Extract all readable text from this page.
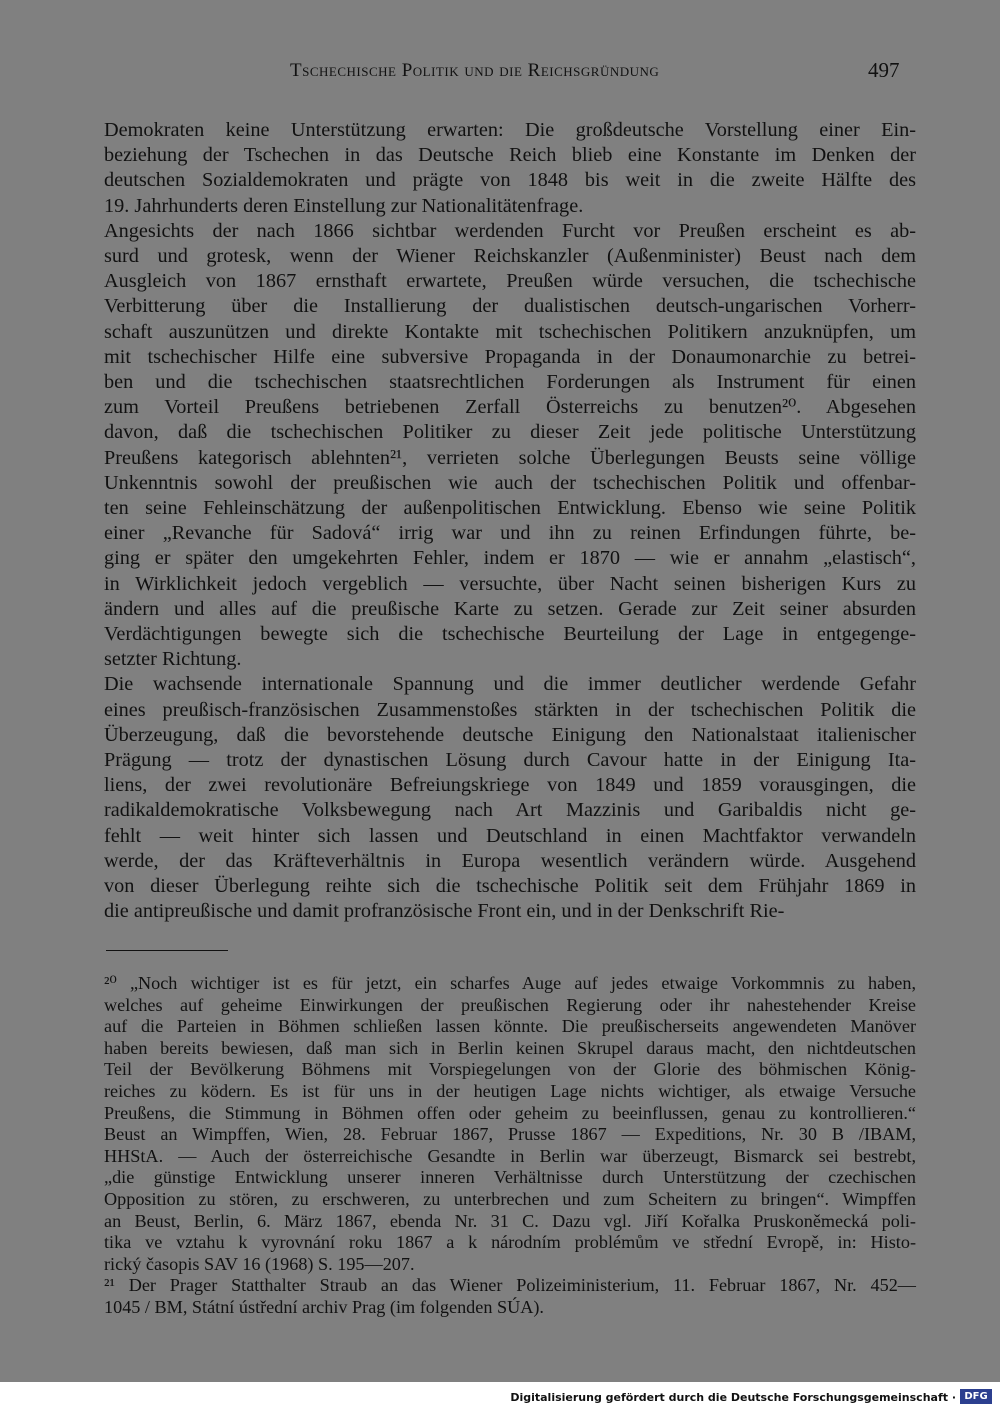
Tschechische Politik und die Reichsgründung	497
Demokraten keine Unterstützung erwarten: Die großdeutsche Vorstellung einer Ein-
beziehung der Tschechen in das Deutsche Reich blieb eine Konstante im Denken der
deutschen Sozialdemokraten und prägte von 1848 bis weit in die zweite Hälfte des
19. Jahrhunderts deren Einstellung zur Nationalitätenfrage.
Angesichts der nach 1866 sichtbar werdenden Furcht vor Preußen erscheint es ab-
surd und grotesk, wenn der Wiener Reichskanzler (Außenminister) Beust nach dem
Ausgleich von 1867 ernsthaft erwartete, Preußen würde versuchen, die tschechische
Verbitterung über die Installierung der dualistischen deutsch-ungarischen Vorherr-
schaft auszunützen und direkte Kontakte mit tschechischen Politikern anzuknüpfen, um
mit tschechischer Hilfe eine subversive Propaganda in der Donaumonarchie zu betrei-
ben und die tschechischen staatsrechtlichen Forderungen als Instrument für einen
zum Vorteil Preußens betriebenen Zerfall Österreichs zu benutzen²⁰. Abgesehen
davon, daß die tschechischen Politiker zu dieser Zeit jede politische Unterstützung
Preußens kategorisch ablehnten²¹, verrieten solche Überlegungen Beusts seine völlige
Unkenntnis sowohl der preußischen wie auch der tschechischen Politik und offenbar-
ten seine Fehleinschätzung der außenpolitischen Entwicklung. Ebenso wie seine Politik
einer „Revanche für Sadová“ irrig war und ihn zu reinen Erfindungen führte, be-
ging er später den umgekehrten Fehler, indem er 1870 — wie er annahm „elastisch“,
in Wirklichkeit jedoch vergeblich — versuchte, über Nacht seinen bisherigen Kurs zu
ändern und alles auf die preußische Karte zu setzen. Gerade zur Zeit seiner absurden
Verdächtigungen bewegte sich die tschechische Beurteilung der Lage in entgegenge-
setzter Richtung.
Die wachsende internationale Spannung und die immer deutlicher werdende Gefahr
eines preußisch-französischen Zusammenstoßes stärkten in der tschechischen Politik die
Überzeugung, daß die bevorstehende deutsche Einigung den Nationalstaat italienischer
Prägung — trotz der dynastischen Lösung durch Cavour hatte in der Einigung Ita-
liens, der zwei revolutionäre Befreiungskriege von 1849 und 1859 vorausgingen, die
radikaldemokratische Volksbewegung nach Art Mazzinis und Garibaldis nicht ge-
fehlt — weit hinter sich lassen und Deutschland in einen Machtfaktor verwandeln
werde, der das Kräfteverhältnis in Europa wesentlich verändern würde. Ausgehend
von dieser Überlegung reihte sich die tschechische Politik seit dem Frühjahr 1869 in
die antipreußische und damit profranzösische Front ein, und in der Denkschrift Rie-
²⁰ „Noch wichtiger ist es für jetzt, ein scharfes Auge auf jedes etwaige Vorkommnis zu haben,
welches auf geheime Einwirkungen der preußischen Regierung oder ihr nahestehender Kreise
auf die Parteien in Böhmen schließen lassen könnte. Die preußischerseits angewendeten Manöver
haben bereits bewiesen, daß man sich in Berlin keinen Skrupel daraus macht, den nichtdeutschen
Teil der Bevölkerung Böhmens mit Vorspiegelungen von der Glorie des böhmischen König-
reiches zu ködern. Es ist für uns in der heutigen Lage nichts wichtiger, als etwaige Versuche
Preußens, die Stimmung in Böhmen offen oder geheim zu beeinflussen, genau zu kontrollieren.“
Beust an Wimpffen, Wien, 28. Februar 1867, Prusse 1867 — Expeditions, Nr. 30 B /IBAM,
HHStA. — Auch der österreichische Gesandte in Berlin war überzeugt, Bismarck sei bestrebt,
„die günstige Entwicklung unserer inneren Verhältnisse durch Unterstützung der czechischen
Opposition zu stören, zu erschweren, zu unterbrechen und zum Scheitern zu bringen“. Wimpffen
an Beust, Berlin, 6. März 1867, ebenda Nr. 31 C. Dazu vgl. Jiří Kořalka Pruskoněmecká poli-
tika ve vztahu k vyrovnání roku 1867 a k národním problémům ve střední Evropě, in: Histo-
rický časopis SAV 16 (1968) S. 195—207.
²¹ Der Prager Statthalter Straub an das Wiener Polizeiministerium, 11. Februar 1867, Nr. 452—
1045 / BM, Státní ústřední archiv Prag (im folgenden SÚA).
Digitalisierung gefördert durch die Deutsche Forschungsgemeinschaft · DFG
